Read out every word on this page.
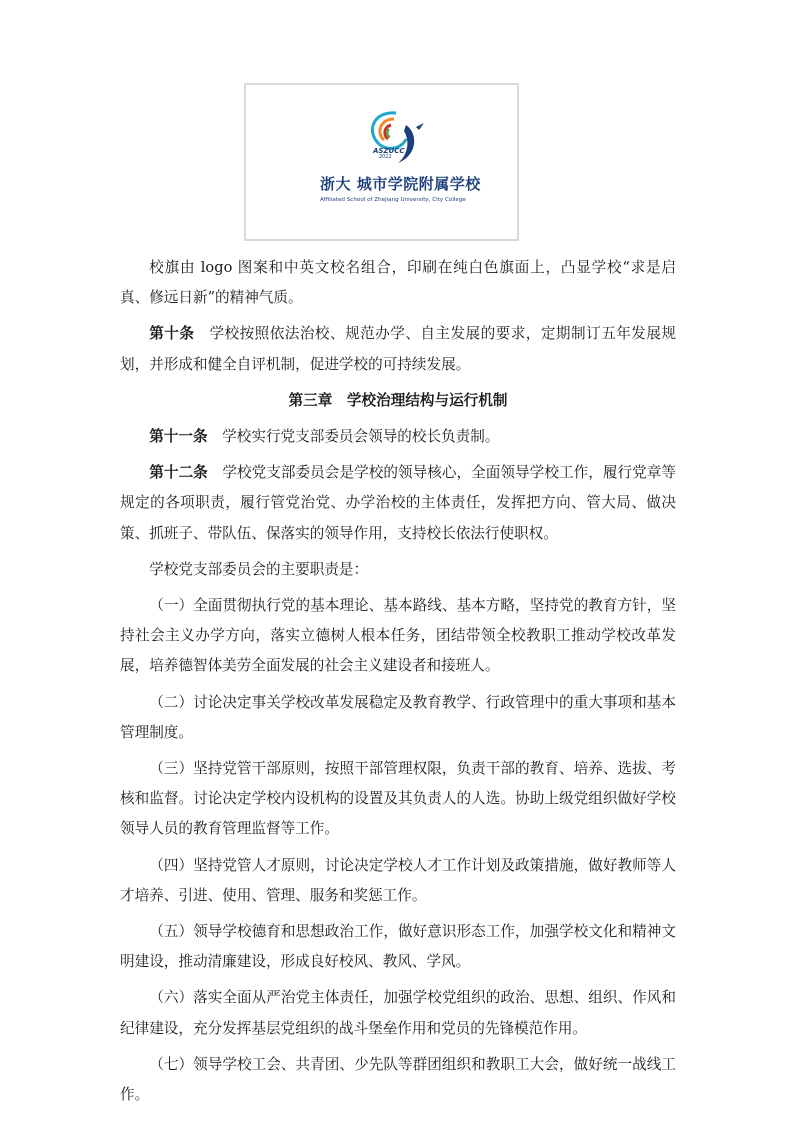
ASZUCC
2022
浙大 城市学院附属学校
Affiliated School of Zhejiang University, City College

校旗由 logo 图案和中英文校名组合，印刷在纯白色旗面上，凸显学校“求是启真、修远日新”的精神气质。

第十条　学校按照依法治校、规范办学、自主发展的要求，定期制订五年发展规划，并形成和健全自评机制，促进学校的可持续发展。

第三章　学校治理结构与运行机制

第十一条　学校实行党支部委员会领导的校长负责制。

第十二条　学校党支部委员会是学校的领导核心，全面领导学校工作，履行党章等规定的各项职责，履行管党治党、办学治校的主体责任，发挥把方向、管大局、做决策、抓班子、带队伍、保落实的领导作用，支持校长依法行使职权。

学校党支部委员会的主要职责是：

（一）全面贯彻执行党的基本理论、基本路线、基本方略，坚持党的教育方针，坚持社会主义办学方向，落实立德树人根本任务，团结带领全校教职工推动学校改革发展，培养德智体美劳全面发展的社会主义建设者和接班人。

（二）讨论决定事关学校改革发展稳定及教育教学、行政管理中的重大事项和基本管理制度。

（三）坚持党管干部原则，按照干部管理权限，负责干部的教育、培养、选拔、考核和监督。讨论决定学校内设机构的设置及其负责人的人选。协助上级党组织做好学校领导人员的教育管理监督等工作。

（四）坚持党管人才原则，讨论决定学校人才工作计划及政策措施，做好教师等人才培养、引进、使用、管理、服务和奖惩工作。

（五）领导学校德育和思想政治工作，做好意识形态工作，加强学校文化和精神文明建设，推动清廉建设，形成良好校风、教风、学风。

（六）落实全面从严治党主体责任，加强学校党组织的政治、思想、组织、作风和纪律建设，充分发挥基层党组织的战斗堡垒作用和党员的先锋模范作用。

（七）领导学校工会、共青团、少先队等群团组织和教职工大会，做好统一战线工作。
